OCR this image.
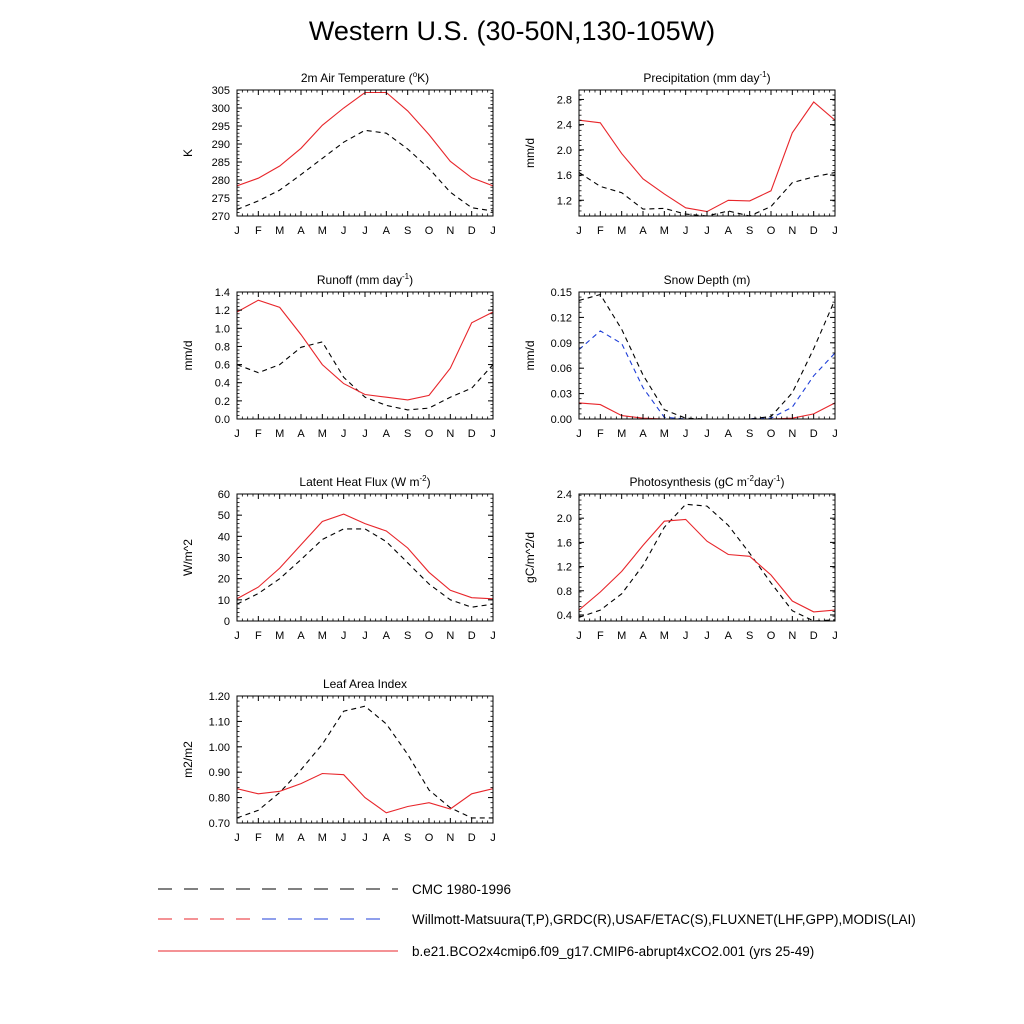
Western U.S. (30-50N,130-105W)
J F M A M J J A S O N D J
270
275
280
285
290
295
300
305
K
2m Air Temperature ($^o$K)
J F M A M J J A S O N D J
1.2
1.6
2.0
2.4
2.8
mm/d
Precipitation (mm day$^{-1}$)
J F M A M J J A S O N D J
0.0
0.2
0.4
0.6
0.8
1.0
1.2
1.4
mm/d
Runoff (mm day$^{-1}$)
J F M A M J J A S O N D J
0.00
0.03
0.06
0.09
0.12
0.15
mm/d
Snow Depth (m)
J F M A M J J A S O N D J
0
10
20
30
40
50
60
W/m^2
Latent Heat Flux (W $m^{-2}$)
J F M A M J J A S O N D J
0.4
0.8
1.2
1.6
2.0
2.4
gC/m^2/d
Photosynthesis (gC $m^{-2}day^{-1}$)
J F M A M J J A S O N D J
0.70
0.80
0.90
1.00
1.10
1.20
m2/m2
Leaf Area Index
CMC 1980-1996
Willmott-Matsuura(T,P),GRDC(R),USAF/ETAC(S),FLUXNET(LHF,GPP),MODIS(LAI)
b.e21.BCO2x4cmip6.f09_g17.CMIP6-abrupt4xCO2.001 (yrs 25-49)
